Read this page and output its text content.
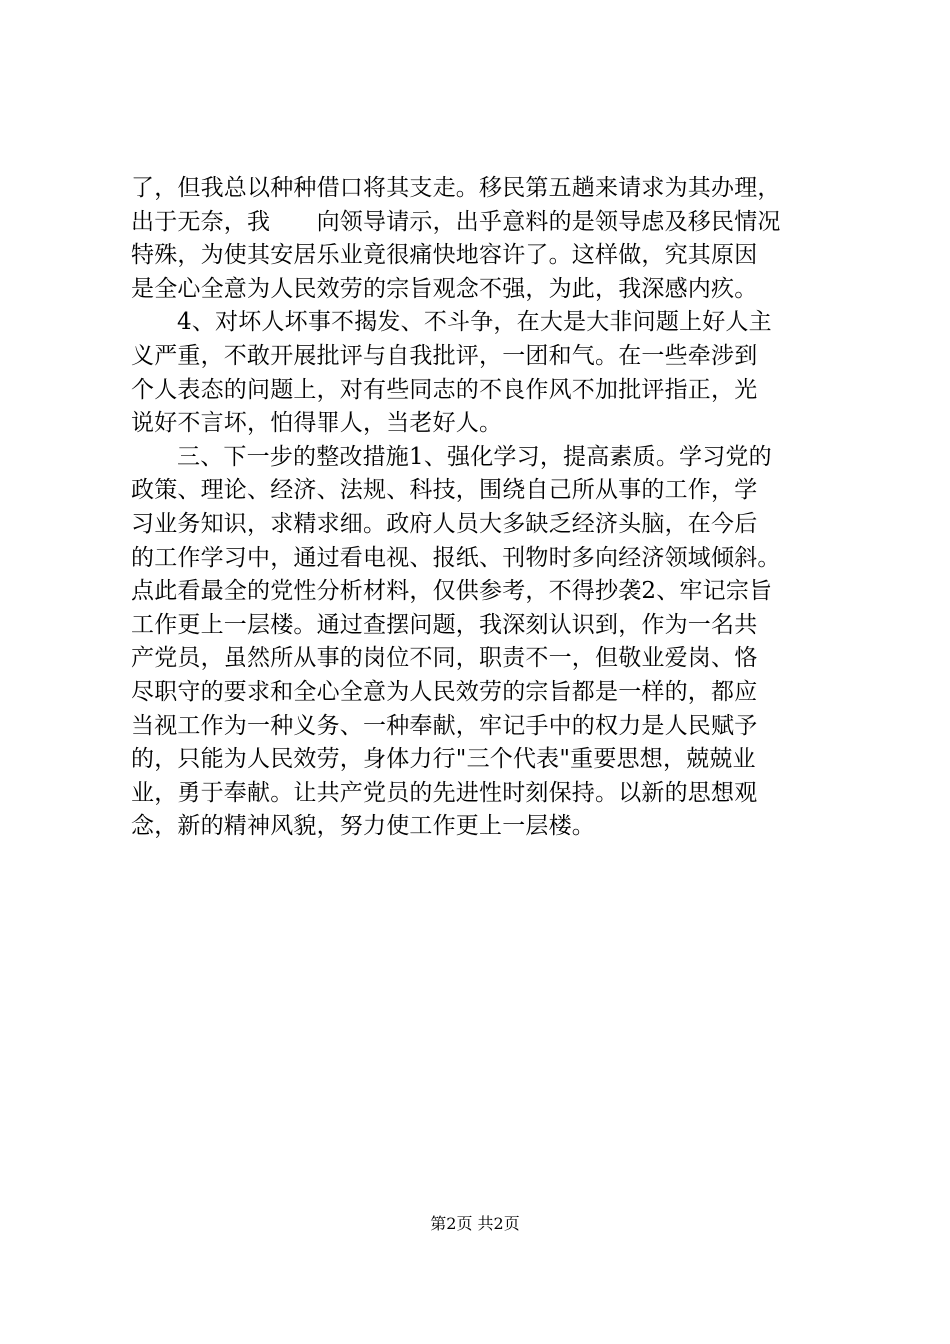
了，但我总以种种借口将其支走。移民第五趟来请求为其办理，
出于无奈，我　　向领导请示，出乎意料的是领导虑及移民情况
特殊，为使其安居乐业竟很痛快地容许了。这样做，究其原因
是全心全意为人民效劳的宗旨观念不强，为此，我深感内疚。
4、对坏人坏事不揭发、不斗争，在大是大非问题上好人主
义严重，不敢开展批评与自我批评，一团和气。在一些牵涉到
个人表态的问题上，对有些同志的不良作风不加批评指正，光
说好不言坏，怕得罪人，当老好人。
三、下一步的整改措施1、强化学习，提高素质。学习党的
政策、理论、经济、法规、科技，围绕自己所从事的工作，学
习业务知识，求精求细。政府人员大多缺乏经济头脑，在今后
的工作学习中，通过看电视、报纸、刊物时多向经济领域倾斜。
点此看最全的党性分析材料，仅供参考，不得抄袭2、牢记宗旨
工作更上一层楼。通过查摆问题，我深刻认识到，作为一名共
产党员，虽然所从事的岗位不同，职责不一，但敬业爱岗、恪
尽职守的要求和全心全意为人民效劳的宗旨都是一样的，都应
当视工作为一种义务、一种奉献，牢记手中的权力是人民赋予
的，只能为人民效劳，身体力行"三个代表"重要思想，兢兢业
业，勇于奉献。让共产党员的先进性时刻保持。以新的思想观
念，新的精神风貌，努力使工作更上一层楼。
第2页 共2页
